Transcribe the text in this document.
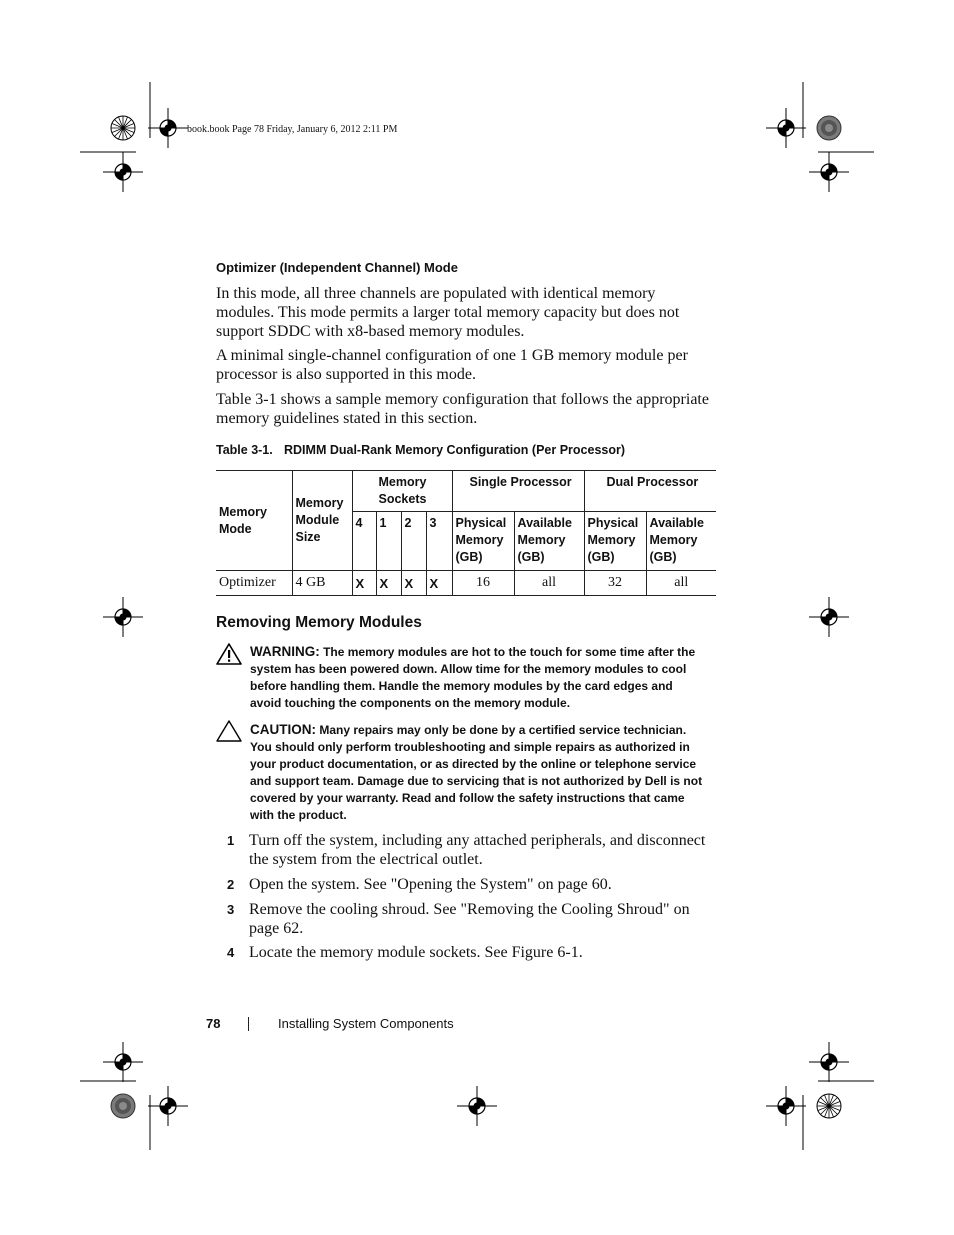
book.book Page 78 Friday, January 6, 2012 2:11 PM
Optimizer (Independent Channel) Mode
In this mode, all three channels are populated with identical memory modules. This mode permits a larger total memory capacity but does not support SDDC with x8-based memory modules.
A minimal single-channel configuration of one 1 GB memory module per processor is also supported in this mode.
Table 3-1 shows a sample memory configuration that follows the appropriate memory guidelines stated in this section.
Table 3-1. RDIMM Dual-Rank Memory Configuration (Per Processor)
Memory Mode	Memory Module Size	Memory Sockets				Single Processor		Dual Processor	
		4	1	2	3	Physical Memory (GB)	Available Memory (GB)	Physical Memory (GB)	Available Memory (GB)
Optimizer	4 GB	X	X	X	X	16	all	32	all
Removing Memory Modules
WARNING: The memory modules are hot to the touch for some time after the system has been powered down. Allow time for the memory modules to cool before handling them. Handle the memory modules by the card edges and avoid touching the components on the memory module.
CAUTION: Many repairs may only be done by a certified service technician. You should only perform troubleshooting and simple repairs as authorized in your product documentation, or as directed by the online or telephone service and support team. Damage due to servicing that is not authorized by Dell is not covered by your warranty. Read and follow the safety instructions that came with the product.
1 Turn off the system, including any attached peripherals, and disconnect the system from the electrical outlet.
2 Open the system. See "Opening the System" on page 60.
3 Remove the cooling shroud. See "Removing the Cooling Shroud" on page 62.
4 Locate the memory module sockets. See Figure 6-1.
78	Installing System Components
